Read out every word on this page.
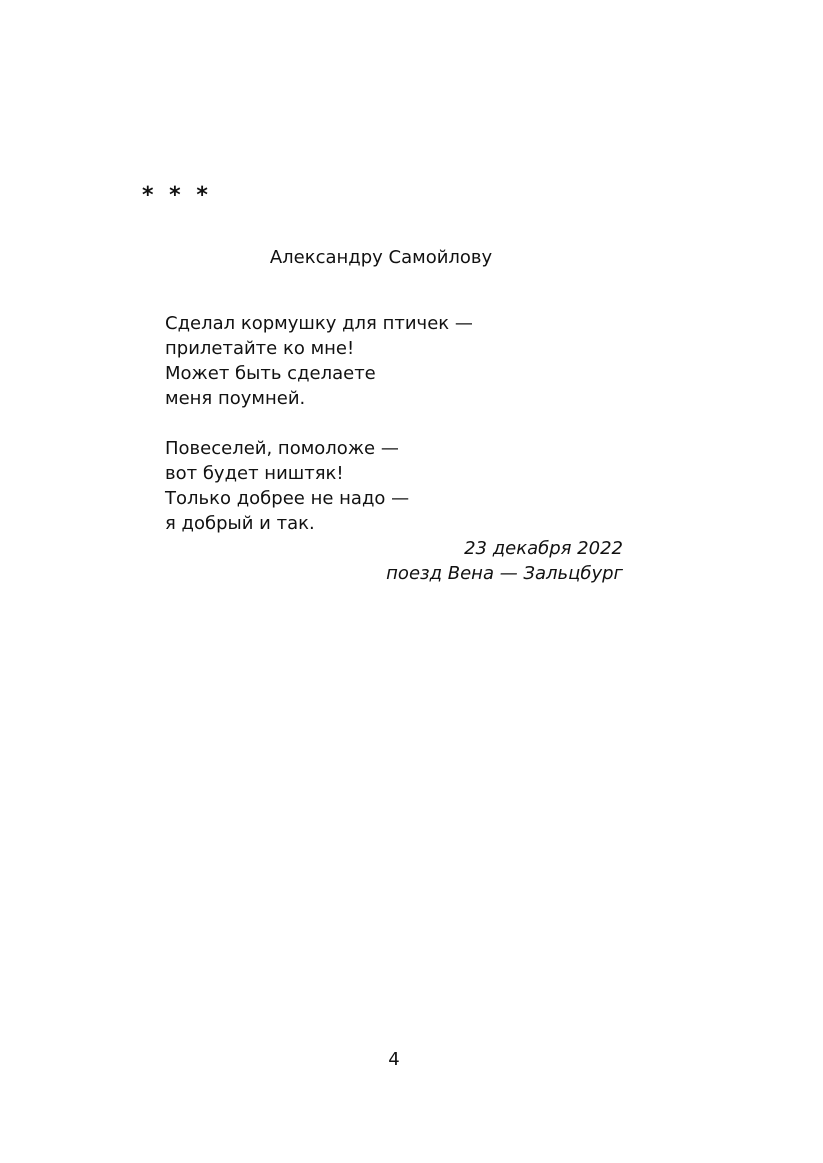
* * *
Александру Самойлову
Сделал кормушку для птичек —
прилетайте ко мне!
Может быть сделаете
меня поумней.
Повеселей, помоложе —
вот будет ништяк!
Только добрее не надо —
я добрый и так.
23 декабря 2022
поезд Вена — Зальцбург
4
